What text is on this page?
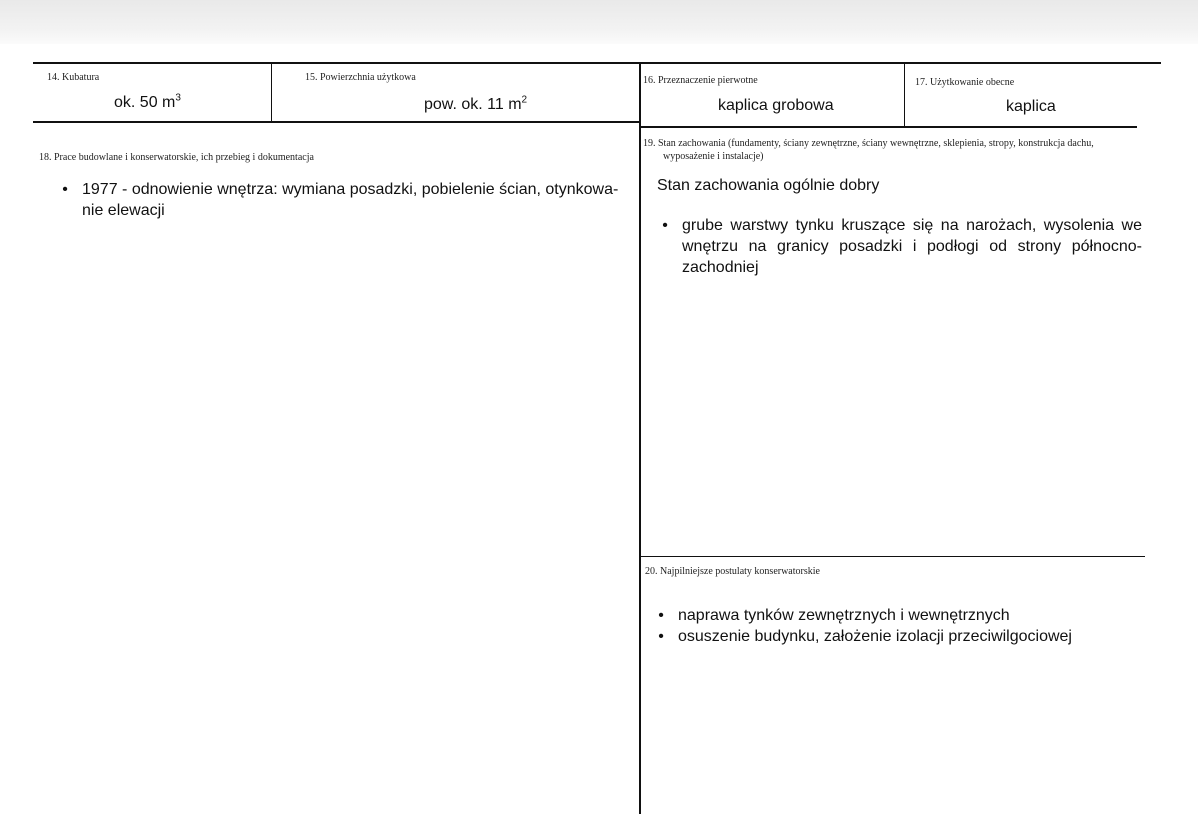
14. Kubatura
ok. 50 $m^3$
15. Powierzchnia użytkowa
pow. ok. 11 $m^2$
16. Przeznaczenie pierwotne
kaplica grobowa
17. Użytkowanie obecne
kaplica
18. Prace budowlane i konserwatorskie, ich przebieg i dokumentacja
• 1977 - odnowienie wnętrza: wymiana posadzki, pobielenie ścian, otynkowa-
nie elewacji
19. Stan zachowania (fundamenty, ściany zewnętrzne, ściany wewnętrzne, sklepienia, stropy, konstrukcja dachu,
wyposażenie i instalacje)
Stan zachowania ogólnie dobry
• grube warstwy tynku kruszące się na narożach, wysolenia we wnętrzu na granicy posadzki i podłogi od strony północno-zachodniej
20. Najpilniejsze postulaty konserwatorskie
• naprawa tynków zewnętrznych i wewnętrznych
• osuszenie budynku, założenie izolacji przeciwilgociowej
